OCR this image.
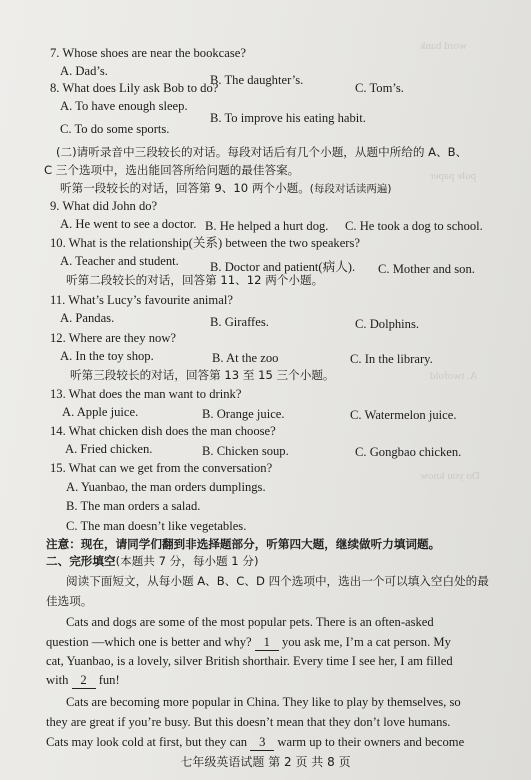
word bank
pole paper
A. twofold
Do you know
7. Whose shoes are near the bookcase?
A. Dad’s.
B. The daughter’s.
C. Tom’s.
8. What does Lily ask Bob to do?
A. To have enough sleep.
B. To improve his eating habit.
C. To do some sports.
(二)请听录音中三段较长的对话。每段对话后有几个小题，从题中所给的 A、B、
C 三个选项中，选出能回答所给问题的最佳答案。
听第一段较长的对话，回答第 9、10 两个小题。(每段对话读两遍)
9. What did John do?
A. He went to see a doctor. B. He helped a hurt dog. C. He took a dog to school.
10. What is the relationship(关系) between the two speakers?
A. Teacher and student. B. Doctor and patient(病人). C. Mother and son.
听第二段较长的对话，回答第 11、12 两个小题。
11. What’s Lucy’s favourite animal?
A. Pandas.	B. Giraffes.	C. Dolphins.
12. Where are they now?
A. In the toy shop.	B. At the zoo	C. In the library.
听第三段较长的对话，回答第 13 至 15 三个小题。
13. What does the man want to drink?
A. Apple juice.	B. Orange juice.	C. Watermelon juice.
14. What chicken dish does the man choose?
A. Fried chicken.	B. Chicken soup.	C. Gongbao chicken.
15. What can we get from the conversation?
A. Yuanbao, the man orders dumplings.
B. The man orders a salad.
C. The man doesn’t like vegetables.
注意：现在，请同学们翻到非选择题部分，听第四大题，继续做听力填词题。
二、完形填空(本题共 7 分，每小题 1 分)
阅读下面短文，从每小题 A、B、C、D 四个选项中，选出一个可以填入空白处的最
佳选项。
Cats and dogs are some of the most popular pets. There is an often-asked
question —which one is better and why? 1 you ask me, I’m a cat person. My
cat, Yuanbao, is a lovely, silver British shorthair. Every time I see her, I am filled
with 2 fun!
Cats are becoming more popular in China. They like to play by themselves, so
they are great if you’re busy. But this doesn’t mean that they don’t love humans.
Cats may look cold at first, but they can 3 warm up to their owners and become
七年级英语试题 第 2 页 共 8 页
